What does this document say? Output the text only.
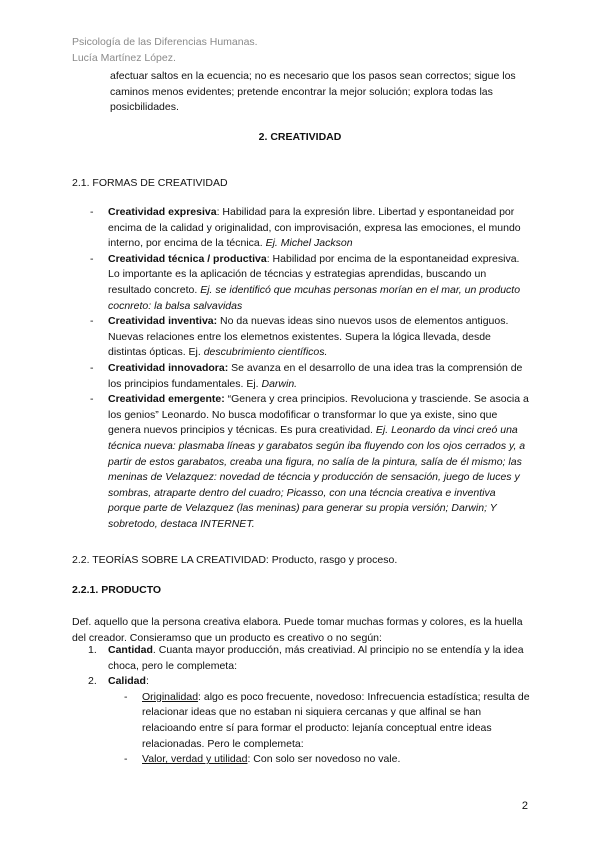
Psicología de las Diferencias Humanas.
Lucía Martínez López.

afectuar saltos en la ecuencia; no es necesario que los pasos sean correctos; sigue los caminos menos evidentes; pretende encontrar la mejor solución; explora todas las posicbilidades.

2. CREATIVIDAD
2.1. FORMAS DE CREATIVIDAD
- Creatividad expresiva: Habilidad para la expresión libre. Libertad y espontaneidad por encima de la calidad y originalidad, con improvisación, expresa las emociones, el mundo interno, por encima de la técnica. Ej. Michel Jackson
- Creatividad técnica / productiva: Habilidad por encima de la espontaneidad expresiva. Lo importante es la aplicación de técncias y estrategias aprendidas, buscando un resultado concreto. Ej. se identificó que mcuhas personas morían en el mar, un producto cocnreto: la balsa salvavidas
- Creatividad inventiva: No da nuevas ideas sino nuevos usos de elementos antiguos. Nuevas relaciones entre los elemetnos existentes. Supera la lógica llevada, desde distintas ópticas. Ej. descubrimiento científicos.
- Creatividad innovadora: Se avanza en el desarrollo de una idea tras la comprensión de los principios fundamentales. Ej. Darwin.
- Creatividad emergente: “Genera y crea principios. Revoluciona y trasciende. Se asocia a los genios” Leonardo. No busca modofificar o transformar lo que ya existe, sino que genera nuevos principios y técnicas. Es pura creatividad. Ej. Leonardo da vinci creó una técnica nueva: plasmaba líneas y garabatos según iba fluyendo con los ojos cerrados y, a partir de estos garabatos, creaba una figura, no salía de la pintura, salía de él mismo; las meninas de Velazquez: novedad de técncia y producción de sensación, juego de luces y sombras, atraparte dentro del cuadro; Picasso, con una técncia creativa e inventiva porque parte de Velazquez (las meninas) para generar su propia versión; Darwin; Y sobretodo, destaca INTERNET.
2.2. TEORÍAS SOBRE LA CREATIVIDAD: Producto, rasgo y proceso.
2.2.1. PRODUCTO

Def. aquello que la persona creativa elabora. Puede tomar muchas formas y colores, es la huella del creador. Consieramso que un producto es creativo o no según:

1. Cantidad. Cuanta mayor producción, más creativiad. Al principio no se entendía y la idea choca, pero le complemeta:
2. Calidad:
- Originalidad: algo es poco frecuente, novedoso: Infrecuencia estadística; resulta de relacionar ideas que no estaban ni siquiera cercanas y que alfinal se han relacioando entre sí para formar el producto: lejanía conceptual entre ideas relacionadas. Pero le complemeta:
- Valor, verdad y utilidad: Con solo ser novedoso no vale.
2
